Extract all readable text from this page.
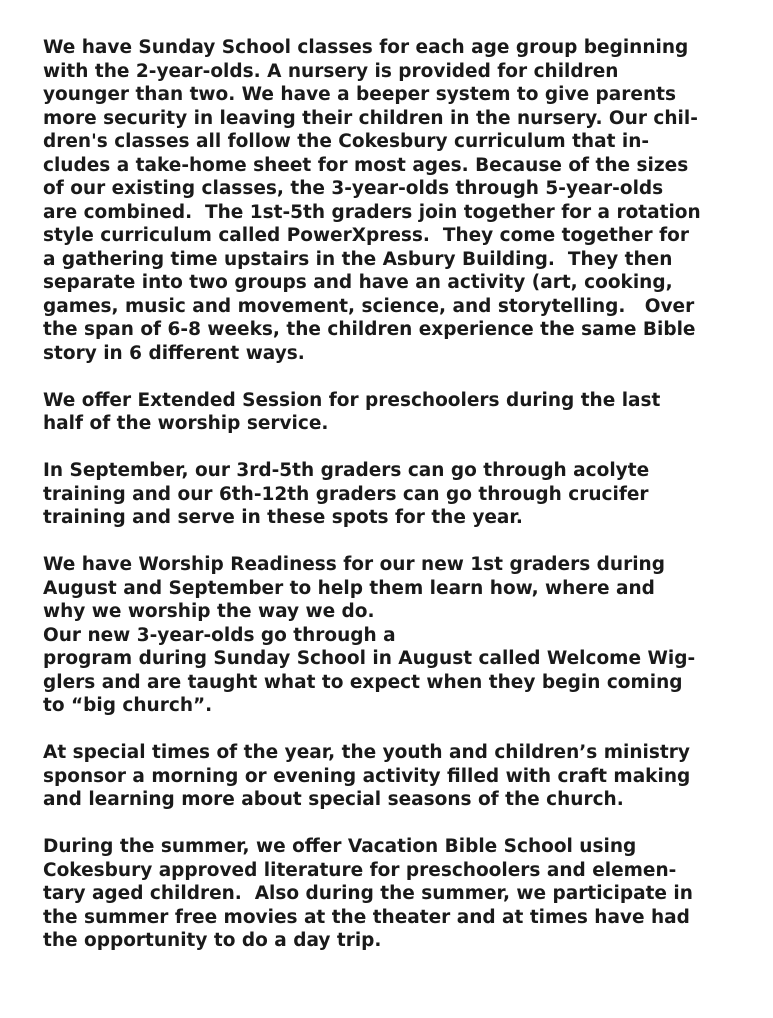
We have Sunday School classes for each age group beginning
with the 2-year-olds. A nursery is provided for children
younger than two. We have a beeper system to give parents
more security in leaving their children in the nursery. Our chil-
dren's classes all follow the Cokesbury curriculum that in-
cludes a take-home sheet for most ages. Because of the sizes
of our existing classes, the 3-year-olds through 5-year-olds
are combined.  The 1st-5th graders join together for a rotation
style curriculum called PowerXpress.  They come together for
a gathering time upstairs in the Asbury Building.  They then
separate into two groups and have an activity (art, cooking,
games, music and movement, science, and storytelling.   Over
the span of 6-8 weeks, the children experience the same Bible
story in 6 different ways.
We offer Extended Session for preschoolers during the last
half of the worship service.
In September, our 3rd-5th graders can go through acolyte
training and our 6th-12th graders can go through crucifer
training and serve in these spots for the year.
We have Worship Readiness for our new 1st graders during
August and September to help them learn how, where and
why we worship the way we do.
Our new 3-year-olds go through a
program during Sunday School in August called Welcome Wig-
glers and are taught what to expect when they begin coming
to “big church”.
At special times of the year, the youth and children’s ministry
sponsor a morning or evening activity filled with craft making
and learning more about special seasons of the church.
During the summer, we offer Vacation Bible School using
Cokesbury approved literature for preschoolers and elemen-
tary aged children.  Also during the summer, we participate in
the summer free movies at the theater and at times have had
the opportunity to do a day trip.
